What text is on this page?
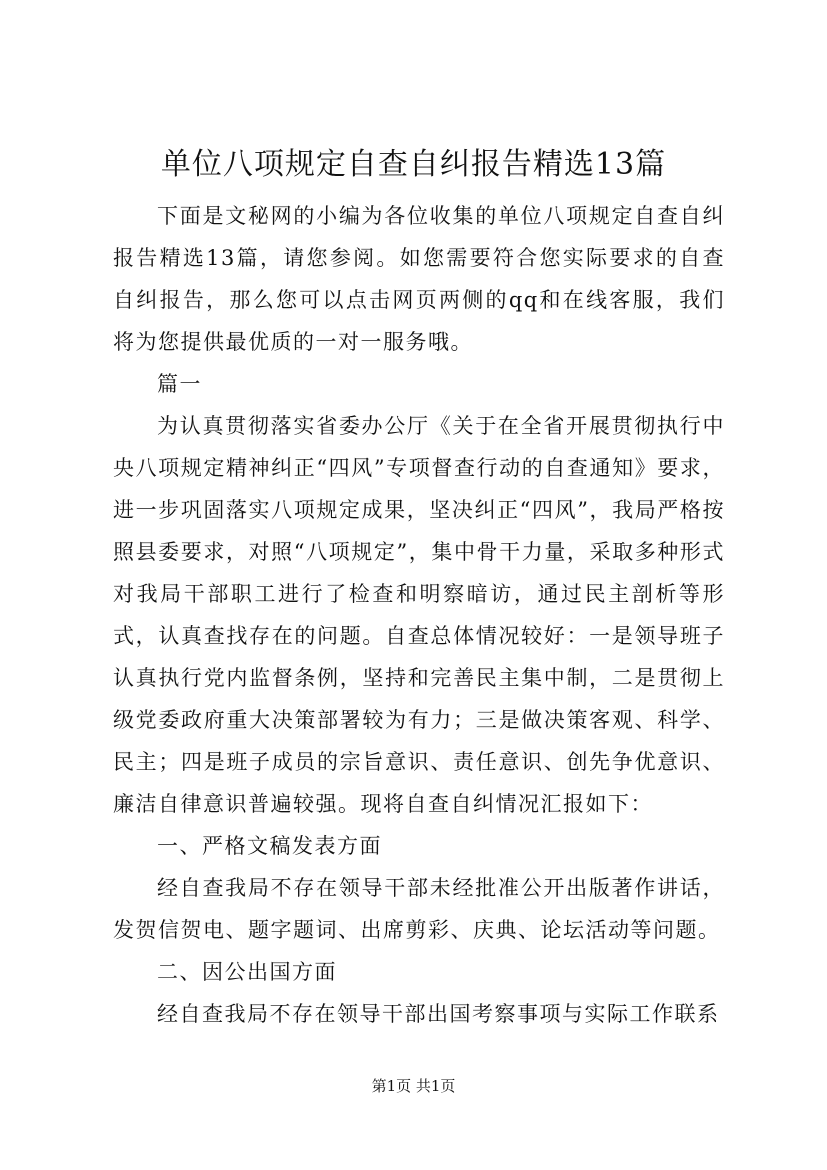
单位八项规定自查自纠报告精选13篇

下面是文秘网的小编为各位收集的单位八项规定自查自纠报告精选13篇，请您参阅。如您需要符合您实际要求的自查自纠报告，那么您可以点击网页两侧的qq和在线客服，我们将为您提供最优质的一对一服务哦。

篇一

为认真贯彻落实省委办公厅《关于在全省开展贯彻执行中央八项规定精神纠正“四风”专项督查行动的自查通知》要求，进一步巩固落实八项规定成果，坚决纠正“四风”，我局严格按照县委要求，对照“八项规定”，集中骨干力量，采取多种形式对我局干部职工进行了检查和明察暗访，通过民主剖析等形式，认真查找存在的问题。自查总体情况较好：一是领导班子认真执行党内监督条例，坚持和完善民主集中制，二是贯彻上级党委政府重大决策部署较为有力；三是做决策客观、科学、民主；四是班子成员的宗旨意识、责任意识、创先争优意识、廉洁自律意识普遍较强。现将自查自纠情况汇报如下：

一、严格文稿发表方面

经自查我局不存在领导干部未经批准公开出版著作讲话，发贺信贺电、题字题词、出席剪彩、庆典、论坛活动等问题。

二、因公出国方面

经自查我局不存在领导干部出国考察事项与实际工作联系

第1页 共1页
